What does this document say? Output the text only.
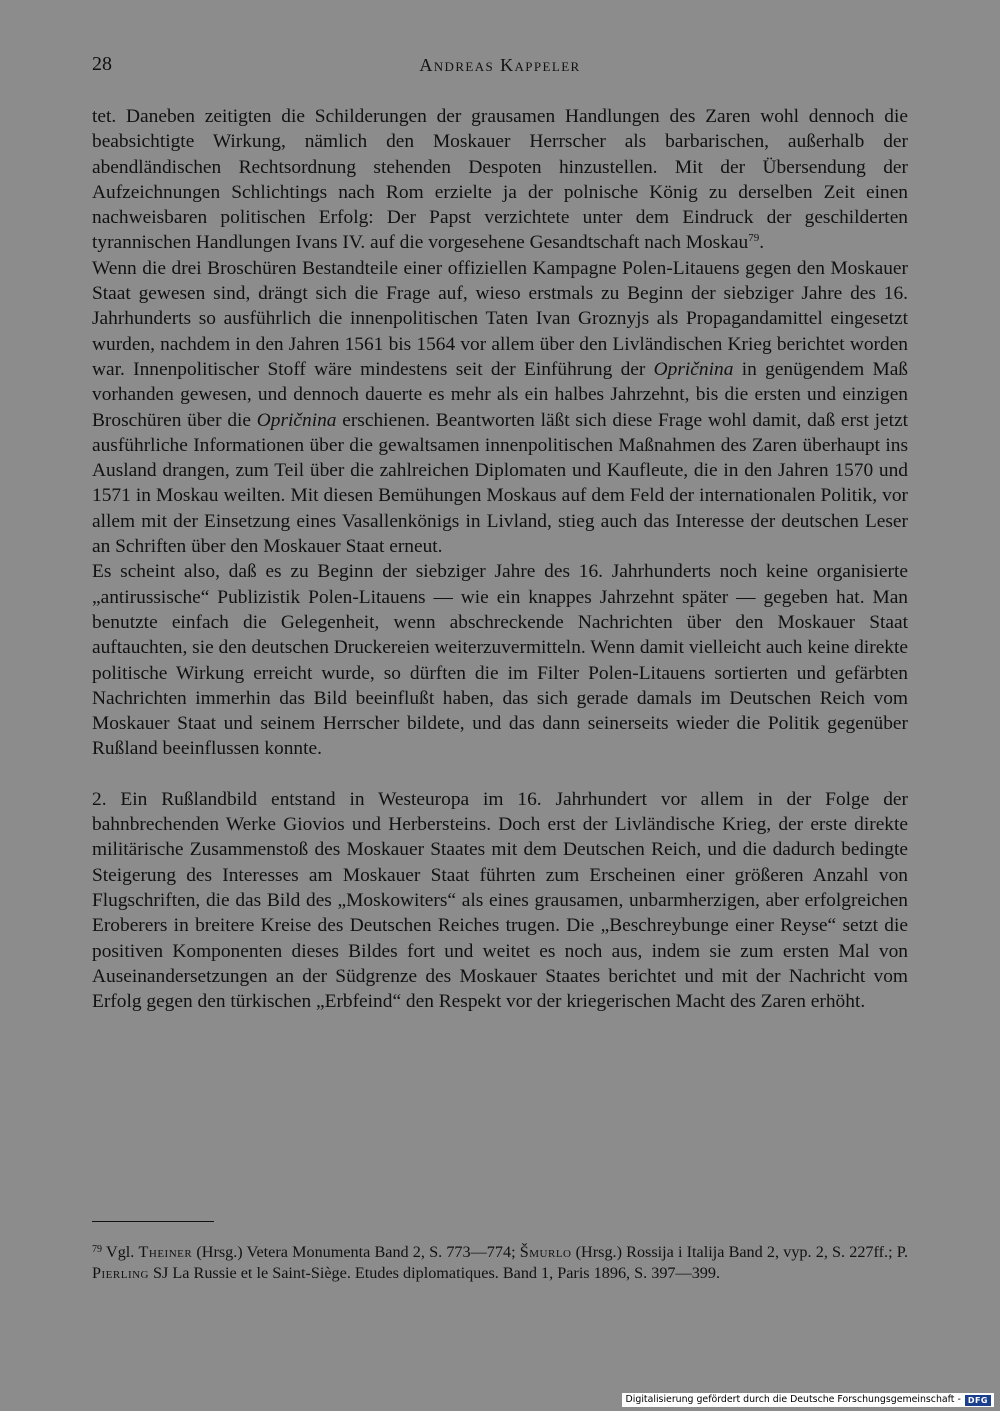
28	Andreas Kappeler

tet. Daneben zeitigten die Schilderungen der grausamen Handlungen des Zaren wohl dennoch die beabsichtigte Wirkung, nämlich den Moskauer Herrscher als barbarischen, außerhalb der abendländischen Rechtsordnung stehenden Despoten hinzustellen. Mit der Übersendung der Aufzeichnungen Schlichtings nach Rom erzielte ja der polnische König zu derselben Zeit einen nachweisbaren politischen Erfolg: Der Papst verzichtete unter dem Eindruck der geschilderten tyrannischen Handlungen Ivans IV. auf die vorgesehene Gesandtschaft nach Moskau$^{79}$.

Wenn die drei Broschüren Bestandteile einer offiziellen Kampagne Polen-Litauens gegen den Moskauer Staat gewesen sind, drängt sich die Frage auf, wieso erstmals zu Beginn der siebziger Jahre des 16. Jahrhunderts so ausführlich die innenpolitischen Taten Ivan Groznyjs als Propagandamittel eingesetzt wurden, nachdem in den Jahren 1561 bis 1564 vor allem über den Livländischen Krieg berichtet worden war. Innenpolitischer Stoff wäre mindestens seit der Einführung der Opričnina in genügendem Maß vorhanden gewesen, und dennoch dauerte es mehr als ein halbes Jahrzehnt, bis die ersten und einzigen Broschüren über die Opričnina erschienen. Beantworten läßt sich diese Frage wohl damit, daß erst jetzt ausführliche Informationen über die gewaltsamen innenpolitischen Maßnahmen des Zaren überhaupt ins Ausland drangen, zum Teil über die zahlreichen Diplomaten und Kaufleute, die in den Jahren 1570 und 1571 in Moskau weilten. Mit diesen Bemühungen Moskaus auf dem Feld der internationalen Politik, vor allem mit der Einsetzung eines Vasallenkönigs in Livland, stieg auch das Interesse der deutschen Leser an Schriften über den Moskauer Staat erneut.

Es scheint also, daß es zu Beginn der siebziger Jahre des 16. Jahrhunderts noch keine organisierte „antirussische“ Publizistik Polen-Litauens — wie ein knappes Jahrzehnt später — gegeben hat. Man benutzte einfach die Gelegenheit, wenn abschreckende Nachrichten über den Moskauer Staat auftauchten, sie den deutschen Druckereien weiterzuvermitteln. Wenn damit vielleicht auch keine direkte politische Wirkung erreicht wurde, so dürften die im Filter Polen-Litauens sortierten und gefärbten Nachrichten immerhin das Bild beeinflußt haben, das sich gerade damals im Deutschen Reich vom Moskauer Staat und seinem Herrscher bildete, und das dann seinerseits wieder die Politik gegenüber Rußland beeinflussen konnte.

2. Ein Rußlandbild entstand in Westeuropa im 16. Jahrhundert vor allem in der Folge der bahnbrechenden Werke Giovios und Herbersteins. Doch erst der Livländische Krieg, der erste direkte militärische Zusammenstoß des Moskauer Staates mit dem Deutschen Reich, und die dadurch bedingte Steigerung des Interesses am Moskauer Staat führten zum Erscheinen einer größeren Anzahl von Flugschriften, die das Bild des „Moskowiters“ als eines grausamen, unbarmherzigen, aber erfolgreichen Eroberers in breitere Kreise des Deutschen Reiches trugen. Die „Beschreybunge einer Reyse“ setzt die positiven Komponenten dieses Bildes fort und weitet es noch aus, indem sie zum ersten Mal von Auseinandersetzungen an der Südgrenze des Moskauer Staates berichtet und mit der Nachricht vom Erfolg gegen den türkischen „Erbfeind“ den Respekt vor der kriegerischen Macht des Zaren erhöht.

$^{79}$ Vgl. Theiner (Hrsg.) Vetera Monumenta Band 2, S. 773—774; Šmurlo (Hrsg.) Rossija i Italija Band 2, vyp. 2, S. 227ff.; P. Pierling SJ La Russie et le Saint-Siège. Etudes diplomatiques. Band 1, Paris 1896, S. 397—399.
Digitalisierung gefördert durch die Deutsche Forschungsgemeinschaft - DFG
